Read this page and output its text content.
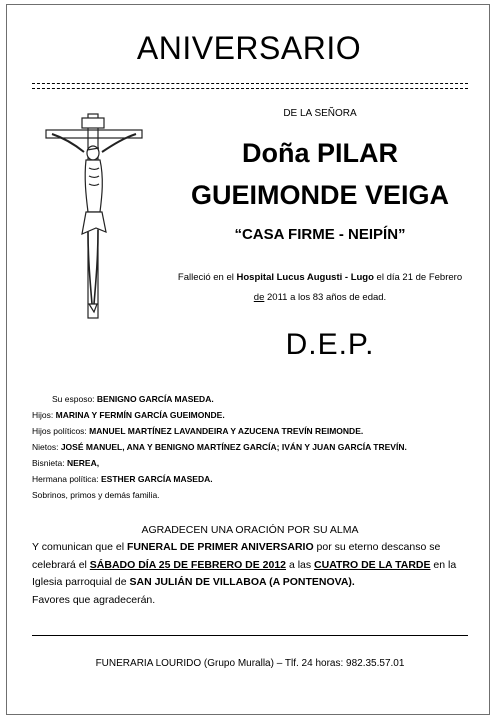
ANIVERSARIO
DE LA SEÑORA
Doña PILAR
GUEIMONDE VEIGA
“CASA FIRME - NEIPÍN”
Falleció en el Hospital Lucus Augusti - Lugo el día 21 de Febrero
de 2011 a los 83 años de edad.
D.E.P.
Su esposo: BENIGNO GARCÍA MASEDA.
Hijos: MARINA Y FERMÍN GARCÍA GUEIMONDE.
Hijos políticos: MANUEL MARTÍNEZ LAVANDEIRA Y AZUCENA TREVÍN REIMONDE.
Nietos: JOSÉ MANUEL, ANA Y BENIGNO MARTÍNEZ GARCÍA; IVÁN Y JUAN GARCÍA TREVÍN.
Bisnieta: NEREA,
Hermana política: ESTHER GARCÍA MASEDA.
Sobrinos, primos y demás familia.
AGRADECEN UNA ORACIÓN POR SU ALMA
Y comunican que el FUNERAL DE PRIMER ANIVERSARIO por su eterno descanso se celebrará el SÁBADO DÍA 25 DE FEBRERO DE 2012 a las CUATRO DE LA TARDE en la Iglesia parroquial de SAN JULIÁN DE VILLABOA (A PONTENOVA).
Favores que agradecerán.
FUNERARIA LOURIDO (Grupo Muralla) – Tlf. 24 horas: 982.35.57.01
